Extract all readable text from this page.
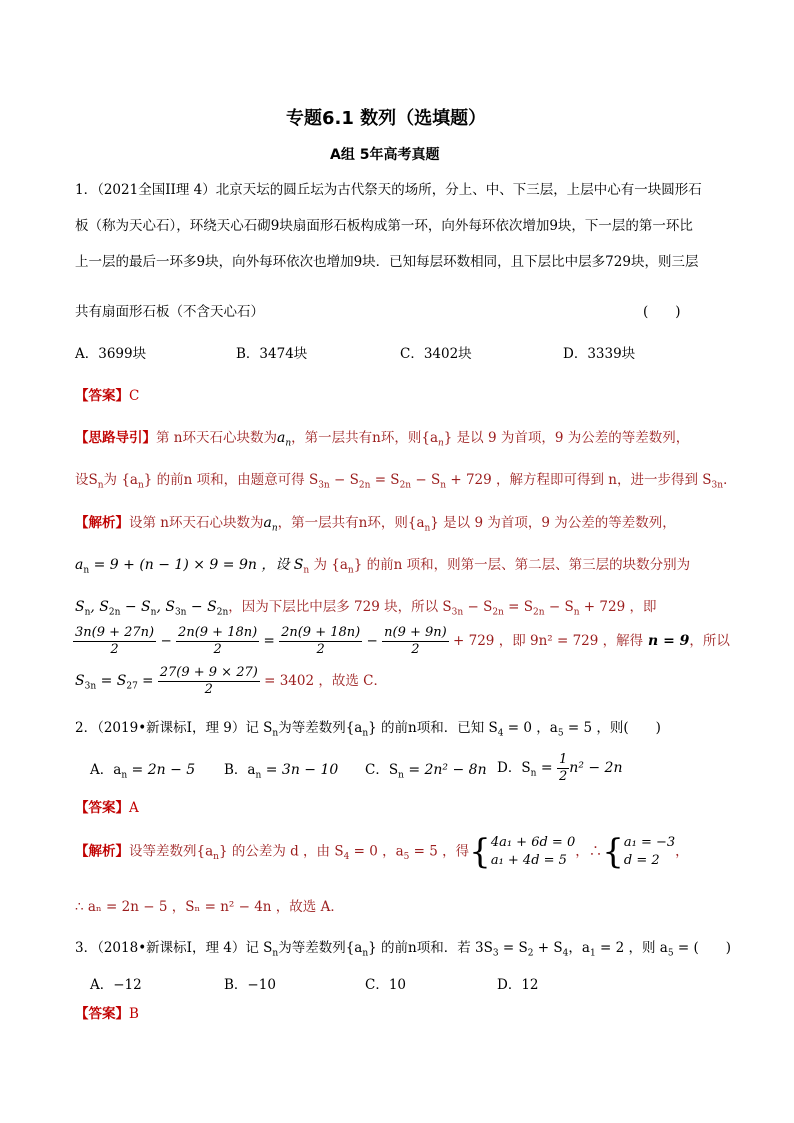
专题6.1 数列（选填题）
A组 5年高考真题
1．（2021全国II理 4）北京天坛的圆丘坛为古代祭天的场所，分上、中、下三层，上层中心有一块圆形石
板（称为天心石），环绕天心石砌9块扇面形石板构成第一环，向外每环依次增加9块，下一层的第一环比
上一层的最后一环多9块，向外每环依次也增加9块．已知每层环数相同，且下层比中层多729块，则三层
共有扇面形石板（不含天心石）	(　　)
A．3699块	B．3474块	C．3402块	D．3339块
【答案】C
【思路导引】第 n环天石心块数为$a_n$，第一层共有n环，则$\{a_n\}$ 是以 9 为首项，9 为公差的等差数列，
设$S_n$为 $\{a_n\}$ 的前n 项和，由题意可得 $S_{3n} - S_{2n} = S_{2n} - S_n + 729$ ，解方程即可得到 n，进一步得到 $S_{3n}$．
【解析】设第 n环天石心块数为$a_n$，第一层共有n环，则$\{a_n\}$ 是以 9 为首项，9 为公差的等差数列，
$a_n = 9 + (n - 1) \times 9 = 9n$ ，设 $S_n$ 为 $\{a_n\}$ 的前n 项和，则第一层、第二层、第三层的块数分别为
$S_n$, $S_{2n} - S_n$, $S_{3n} - S_{2n}$，因为下层比中层多 729 块，所以 $S_{3n} - S_{2n} = S_{2n} - S_n + 729$ ，即
$\frac{3n(9 + 27n)}{2} - \frac{2n(9 + 18n)}{2} = \frac{2n(9 + 18n)}{2} - \frac{n(9 + 9n)}{2} + 729$ ，即 9n² = 729 ，解得 n = 9，所以
$S_{3n} = S_{27} = \frac{27(9 + 9 \times 27)}{2} = 3402$ ，故选 C．
2．（2019•新课标Ⅰ，理 9）记 $S_n$为等差数列$\{a_n\}$ 的前n项和．已知 $S_4 = 0$ ，$a_5 = 5$ ，则(　　)
A．$a_n = 2n - 5$ B．$a_n = 3n - 10$ C．$S_n = 2n^2 - 8n$ D．$S_n = \frac{1}{2} n^2 - 2n$
【答案】A
【解析】设等差数列$\{a_n\}$ 的公差为 d ，由 $S_4 = 0$ ，$a_5 = 5$ ，得{ 4a₁ + 6d = 0
a₁ + 4d = 5
，∴{ a₁ = −3
d = 2
，
∴ aₙ = 2n − 5 ，Sₙ = n² − 4n ，故选 A．
3．（2018•新课标Ⅰ，理 4）记 $S_n$为等差数列$\{a_n\}$ 的前n项和．若 $3S_3 = S_2 + S_4$，$a_1 = 2$ ，则 $a_5$ = (　　)
A．−12	B．−10	C．10	D．12
【答案】B
